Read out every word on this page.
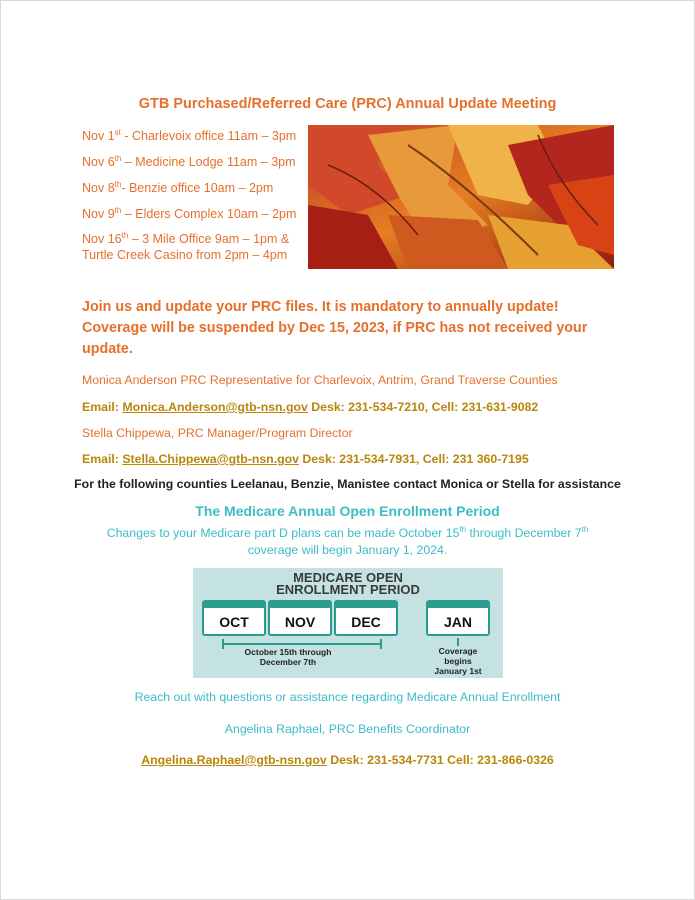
GTB Purchased/Referred Care (PRC) Annual Update Meeting
Nov 1st - Charlevoix office 11am – 3pm
Nov 6th – Medicine Lodge 11am – 3pm
Nov 8th- Benzie office 10am – 2pm
Nov 9th – Elders Complex 10am – 2pm
Nov 16th – 3 Mile Office 9am – 1pm &
Turtle Creek Casino from 2pm – 4pm
Join us and update your PRC files. It is mandatory to annually update! Coverage will be suspended by Dec 15, 2023, if PRC has not received your update.
Monica Anderson PRC Representative for Charlevoix, Antrim, Grand Traverse Counties
Email: Monica.Anderson@gtb-nsn.gov Desk: 231-534-7210, Cell: 231-631-9082
Stella Chippewa, PRC Manager/Program Director
Email: Stella.Chippewa@gtb-nsn.gov Desk: 231-534-7931, Cell: 231 360-7195
For the following counties Leelanau, Benzie, Manistee contact Monica or Stella for assistance
The Medicare Annual Open Enrollment Period
Changes to your Medicare part D plans can be made October 15th through December 7th coverage will begin January 1, 2024.
MEDICARE OPEN
ENROLLMENT PERIOD
OCT	NOV	DEC	JAN
October 15th through
December 7th
Coverage
begins
January 1st
Reach out with questions or assistance regarding Medicare Annual Enrollment
Angelina Raphael, PRC Benefits Coordinator
Angelina.Raphael@gtb-nsn.gov Desk: 231-534-7731 Cell: 231-866-0326
